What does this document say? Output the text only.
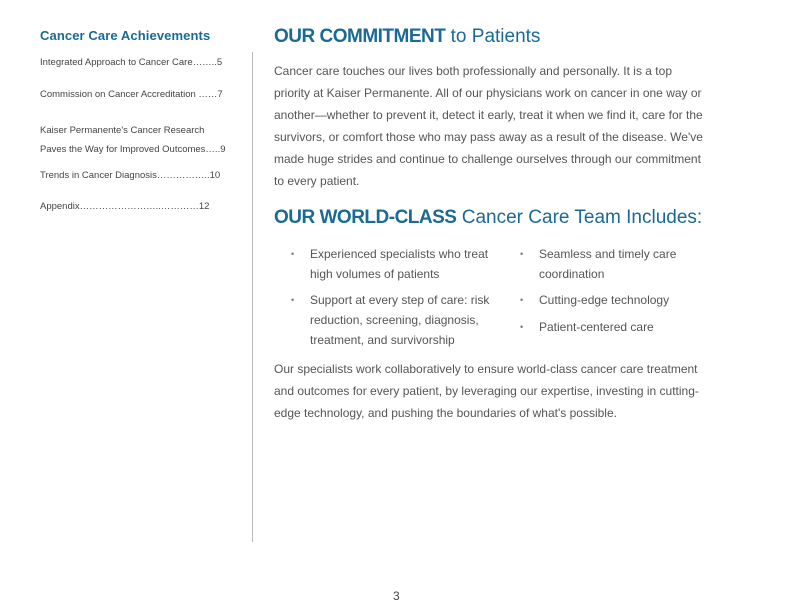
Cancer Care Achievements
Integrated Approach to Cancer Care……..5
Commission on Cancer Accreditation ……7
Kaiser Permanente's Cancer Research
Paves the Way for Improved Outcomes…..9
Trends in Cancer Diagnosis……………..10
Appendix……………………..…………12
OUR COMMITMENT to Patients
Cancer care touches our lives both professionally and personally. It is a top
priority at Kaiser Permanente. All of our physicians work on cancer in one way or
another—whether to prevent it, detect it early, treat it when we find it, care for the
survivors, or comfort those who may pass away as a result of the disease. We've
made huge strides and continue to challenge ourselves through our commitment
to every patient.
OUR WORLD-CLASS Cancer Care Team Includes:
• Experienced specialists who treat
high volumes of patients
• Support at every step of care: risk
reduction, screening, diagnosis,
treatment, and survivorship
• Seamless and timely care
coordination
• Cutting-edge technology
• Patient-centered care
Our specialists work collaboratively to ensure world-class cancer care treatment
and outcomes for every patient, by leveraging our expertise, investing in cutting-
edge technology, and pushing the boundaries of what's possible.
3
